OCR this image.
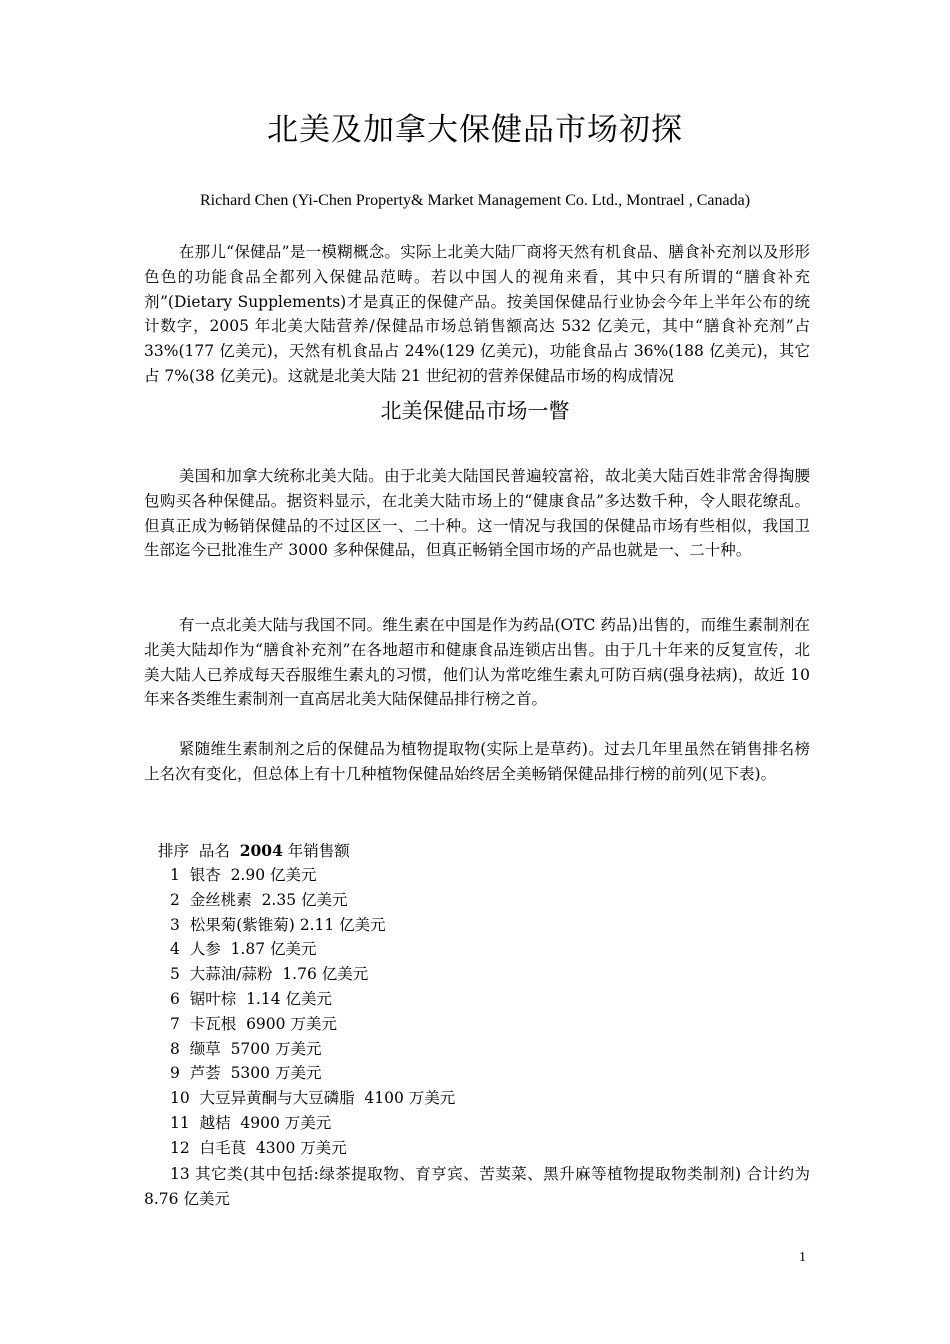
北美及加拿大保健品市场初探
Richard Chen (Yi-Chen Property& Market Management Co. Ltd., Montrael , Canada)

在那儿“保健品”是一模糊概念。实际上北美大陆厂商将天然有机食品、膳食补充剂以及形形色色的功能食品全都列入保健品范畴。若以中国人的视角来看，其中只有所谓的“膳食补充剂”(Dietary Supplements)才是真正的保健产品。按美国保健品行业协会今年上半年公布的统计数字，2005 年北美大陆营养/保健品市场总销售额高达 532 亿美元，其中“膳食补充剂”占 33%(177 亿美元)，天然有机食品占 24%(129 亿美元)，功能食品占 36%(188 亿美元)，其它占 7%(38 亿美元)。这就是北美大陆 21 世纪初的营养保健品市场的构成情况

北美保健品市场一瞥

美国和加拿大统称北美大陆。由于北美大陆国民普遍较富裕，故北美大陆百姓非常舍得掏腰包购买各种保健品。据资料显示，在北美大陆市场上的“健康食品”多达数千种，令人眼花缭乱。但真正成为畅销保健品的不过区区一、二十种。这一情况与我国的保健品市场有些相似，我国卫生部迄今已批准生产 3000 多种保健品，但真正畅销全国市场的产品也就是一、二十种。

有一点北美大陆与我国不同。维生素在中国是作为药品(OTC 药品)出售的，而维生素制剂在北美大陆却作为“膳食补充剂”在各地超市和健康食品连锁店出售。由于几十年来的反复宣传，北美大陆人已养成每天吞服维生素丸的习惯，他们认为常吃维生素丸可防百病(强身祛病)，故近 10 年来各类维生素制剂一直高居北美大陆保健品排行榜之首。

紧随维生素制剂之后的保健品为植物提取物(实际上是草药)。过去几年里虽然在销售排名榜上名次有变化，但总体上有十几种植物保健品始终居全美畅销保健品排行榜的前列(见下表)。

排序  品名  2004 年销售额
1  银杏  2.90 亿美元
2  金丝桃素  2.35 亿美元
3  松果菊(紫锥菊) 2.11 亿美元
4  人参  1.87 亿美元
5  大蒜油/蒜粉  1.76 亿美元
6  锯叶棕  1.14 亿美元
7  卡瓦根  6900 万美元
8  缬草  5700 万美元
9  芦荟  5300 万美元
10  大豆异黄酮与大豆磷脂  4100 万美元
11  越桔  4900 万美元
12  白毛茛  4300 万美元

13 其它类(其中包括:绿茶提取物、育亨宾、苦荬菜、黑升麻等植物提取物类制剂) 合计约为 8.76 亿美元

1
